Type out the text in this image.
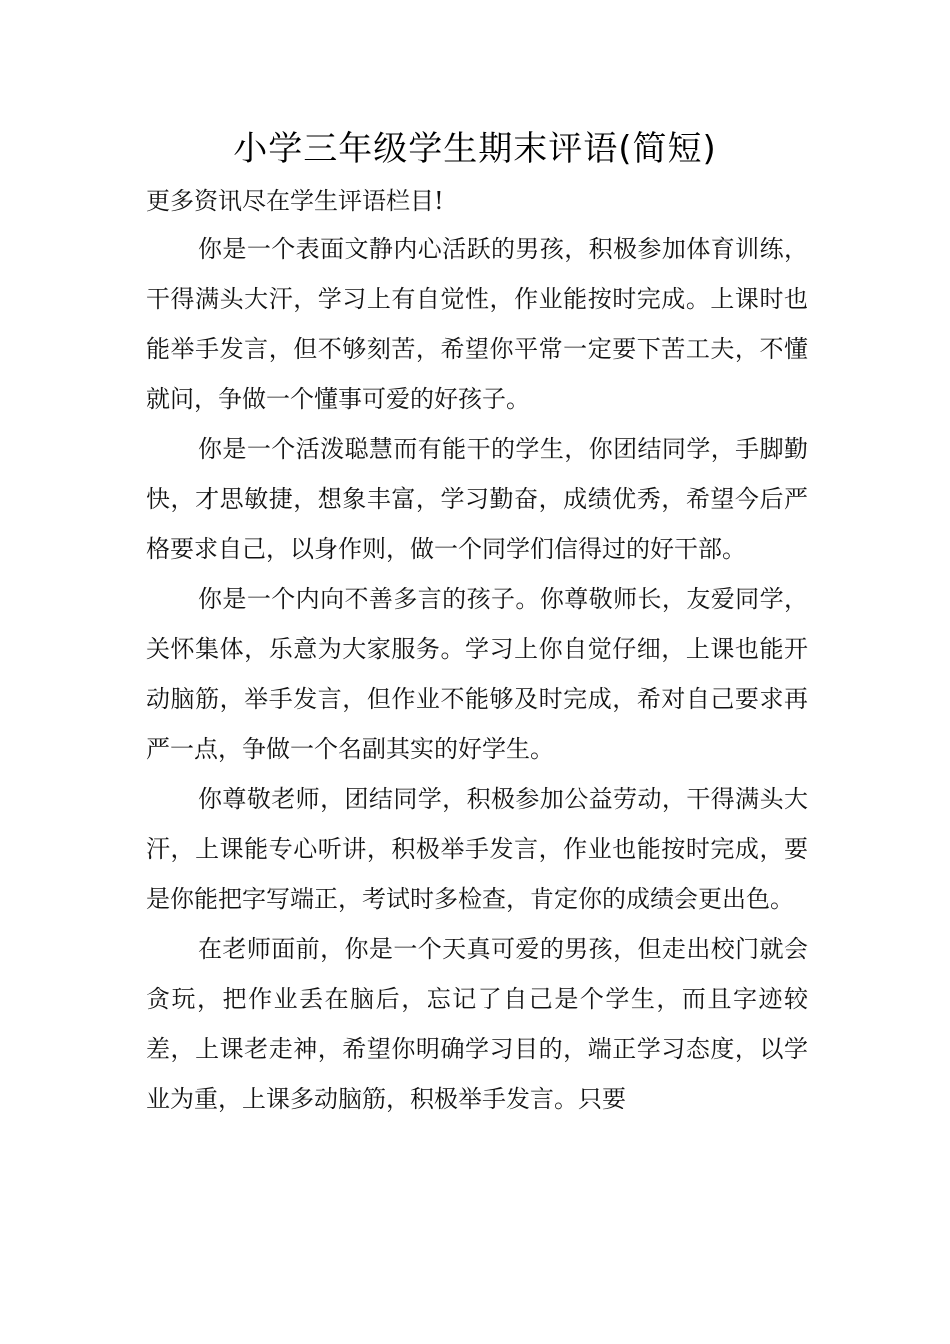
小学三年级学生期末评语(简短)
更多资讯尽在学生评语栏目!

你是一个表面文静内心活跃的男孩，积极参加体育训练，干得满头大汗，学习上有自觉性，作业能按时完成。上课时也能举手发言，但不够刻苦，希望你平常一定要下苦工夫，不懂就问，争做一个懂事可爱的好孩子。

你是一个活泼聪慧而有能干的学生，你团结同学，手脚勤快，才思敏捷，想象丰富，学习勤奋，成绩优秀，希望今后严格要求自己，以身作则，做一个同学们信得过的好干部。

你是一个内向不善多言的孩子。你尊敬师长，友爱同学，关怀集体，乐意为大家服务。学习上你自觉仔细，上课也能开动脑筋，举手发言，但作业不能够及时完成，希对自己要求再严一点，争做一个名副其实的好学生。

你尊敬老师，团结同学，积极参加公益劳动，干得满头大汗，上课能专心听讲，积极举手发言，作业也能按时完成，要是你能把字写端正，考试时多检查，肯定你的成绩会更出色。

在老师面前，你是一个天真可爱的男孩，但走出校门就会贪玩，把作业丢在脑后，忘记了自己是个学生，而且字迹较差，上课老走神，希望你明确学习目的，端正学习态度，以学业为重，上课多动脑筋，积极举手发言。只要
